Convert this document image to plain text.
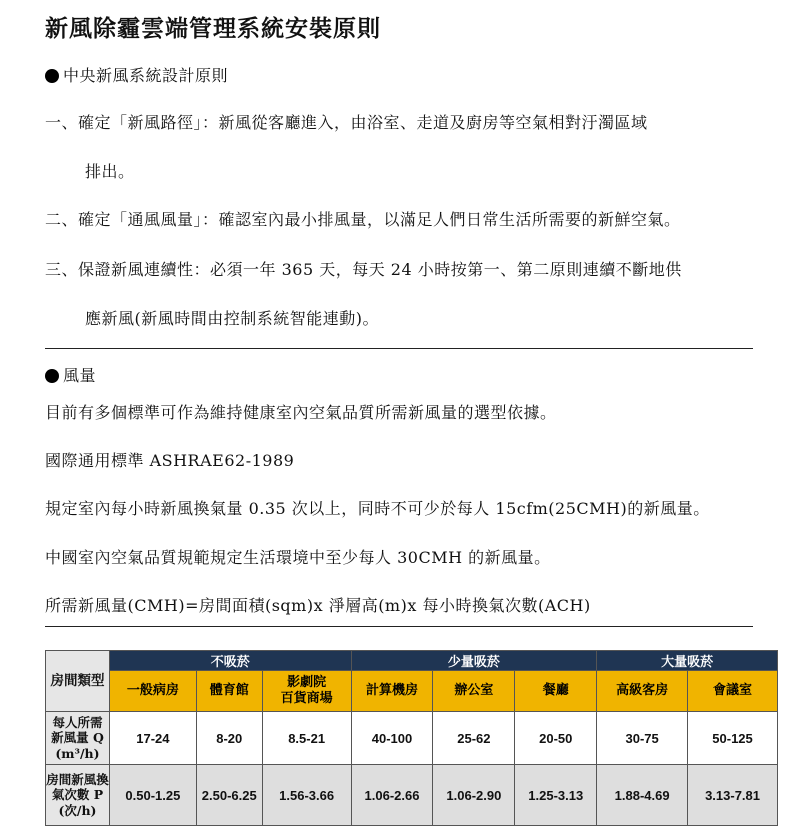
新風除霾雲端管理系統安裝原則
中央新風系統設計原則
一、確定「新風路徑」：新風從客廳進入，由浴室、走道及廚房等空氣相對汙濁區域
排出。
二、確定「通風風量」：確認室內最小排風量，以滿足人們日常生活所需要的新鮮空氣。
三、保證新風連續性：必須一年 365 天，每天 24 小時按第一、第二原則連續不斷地供
應新風(新風時間由控制系統智能連動)。
風量
目前有多個標準可作為維持健康室內空氣品質所需新風量的選型依據。
國際通用標準 ASHRAE62-1989
規定室內每小時新風換氣量 0.35 次以上，同時不可少於每人 15cfm(25CMH)的新風量。
中國室內空氣品質規範規定生活環境中至少每人 30CMH 的新風量。
所需新風量(CMH)=房間面積(sqm)x 淨層高(m)x 每小時換氣次數(ACH)
房間類型	不吸菸			少量吸菸			大量吸菸	
	一般病房	體育館	影劇院
百貨商場	計算機房	辦公室	餐廳	高級客房	會議室
每人所需
新風量 Q
(m³/h)	17-24	8-20	8.5-21	40-100	25-62	20-50	30-75	50-125
房間新風換
氣次數 P
(次/h)	0.50-1.25	2.50-6.25	1.56-3.66	1.06-2.66	1.06-2.90	1.25-3.13	1.88-4.69	3.13-7.81
